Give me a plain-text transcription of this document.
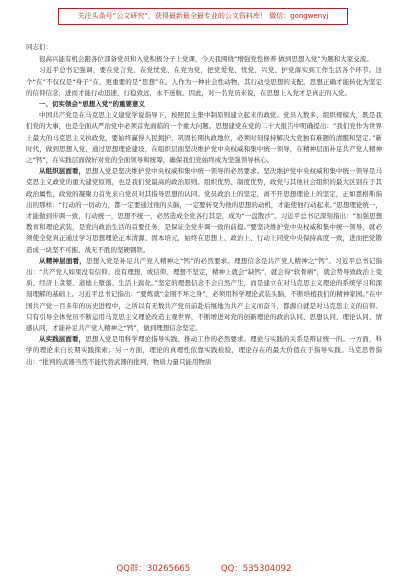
关注头条号“公文研究”，获得最新最全最专业的公文资料库！ 微信：gongwenyj

同志们：

很高兴能有机会跟各位部备党员和入党积极分子上党课，今天我围绕“增强党性修养 做到思想入党”为题和大家交流。

习近平总书记强调，要在党言党、在党忧党、在党为党，把党爱党、忧党、兴党、护党落实到工作生活各个环节。这个“在”不仅仅是“身子”在，更重要的是“思想”在。人作为一种社会性动物，其行动受思想的支配，思想正确才能转化为坚定的信仰信念，进而才能行动迅速，行稳致远，永不迷航。因此，对一名党员来说，在思想上入党才是真正的入党。

一、切实领会“思想入党”的重要意义

中国共产党是在马克思主义建党学说指导下，按照民主集中制原则建立起来的政党。党员入数多、组织规模大，既是我们党的大事，也是全面从严治党中必须首先面临的一个重大问题。思想建党在党的二十大报告中明确提出：“我们党作为世界上最大的马克思主义执政党，要始终赢得人民拥护、巩固长期执政地位，必须时刻保持解决大党独有难题的清醒和坚定。”新时代，做到思想入党，通过思想理论建设，在组织层面坚决维护党中央权威和集中统一领导，在精神层面补足共产党人精神之“钙”，在实践层面做好对党的全面领导和统筹，确保我们党始终成为坚强领导核心。

从组织层面看，思想入党是坚决维护党中央权威和集中统一领导的必然要求。坚决维护党中央权威和集中统一领导是马克思主义政党的重大建党原则，也是我们党最高的政治原则。组织优势、制度优势，政党与其他社会组织的最大区别在于其政治属性，政党的凝聚力首先来自党员对其指导思想的认同。党员政治上的坚定，离不开思想理论上的坚定，正如恩格斯指出的那样：“行动的一切动力，都一定要通过他的头脑，一定要转变为他的思想的动机，才能使他行动起来。”思想理论统一，才能做到步调一致，行动统一，思想不统一，必然造成全党各行其是，成为“一盘散沙”。习近平总书记深刻指出：“加强思想教育和理论武装，是党内政治生活的首要任务，是保证全党步调一致的前提。”要坚决维护党中央权威和集中统一领导，就必须使全党真正通过学习思想理论正本清源、固本培元，始终在思想上、政治上、行动上同党中央保持高度一致，进而把党锻造成一块坚不可摧、战无不胜的坚硬钢铁。

从精神层面看，思想入党是补足共产党人精神之“钙”的必然要求。理想信念是共产党人精神之“钙”。习近平总书记指出：“共产党人如果没有信仰、没有理想，或信仰、理想不坚定，精神上就会“缺钙”，就会得“软骨病”，就会势导致政治上变质、经济上贪婪、道德上堕落、生活上腐化。”坚定的理想信念不会自然产生，而是建立在对马克思主义理论的系统学习和深刻理解的基础上。习近平总书记指出：“要炼就“金刚不坏之身”，必须用科学理论武装头脑，不断培植我们的精神家园。”在中国共产党一百多年的历史进程中，之所以有无数共产党员前赴后继地为共产主义而奋斗，都源自就是对马克思主义的信仰。只有引导全体党员不断运用马克思主义理论改造主观世界，不断增进对党的创新理论的政治认同、思想认同、理论认同、情感认同，才能补足共产党人精神之“钙”，做到理想信念坚定。

从实践层面看，思想入党是用科学理论指导实践、推动工作的必然要求。理论与实践的关系是辩证统一的。一方面，科学的理论来自长期实践探索；另一方面，理论的真理性依靠实践检验，理论存在的最大价值在于指导实践。马克思曾指出：“批判的武器当然不能代替武器的批判，物质力量只能用物质

QQ群：30265665	QQ：535304092
